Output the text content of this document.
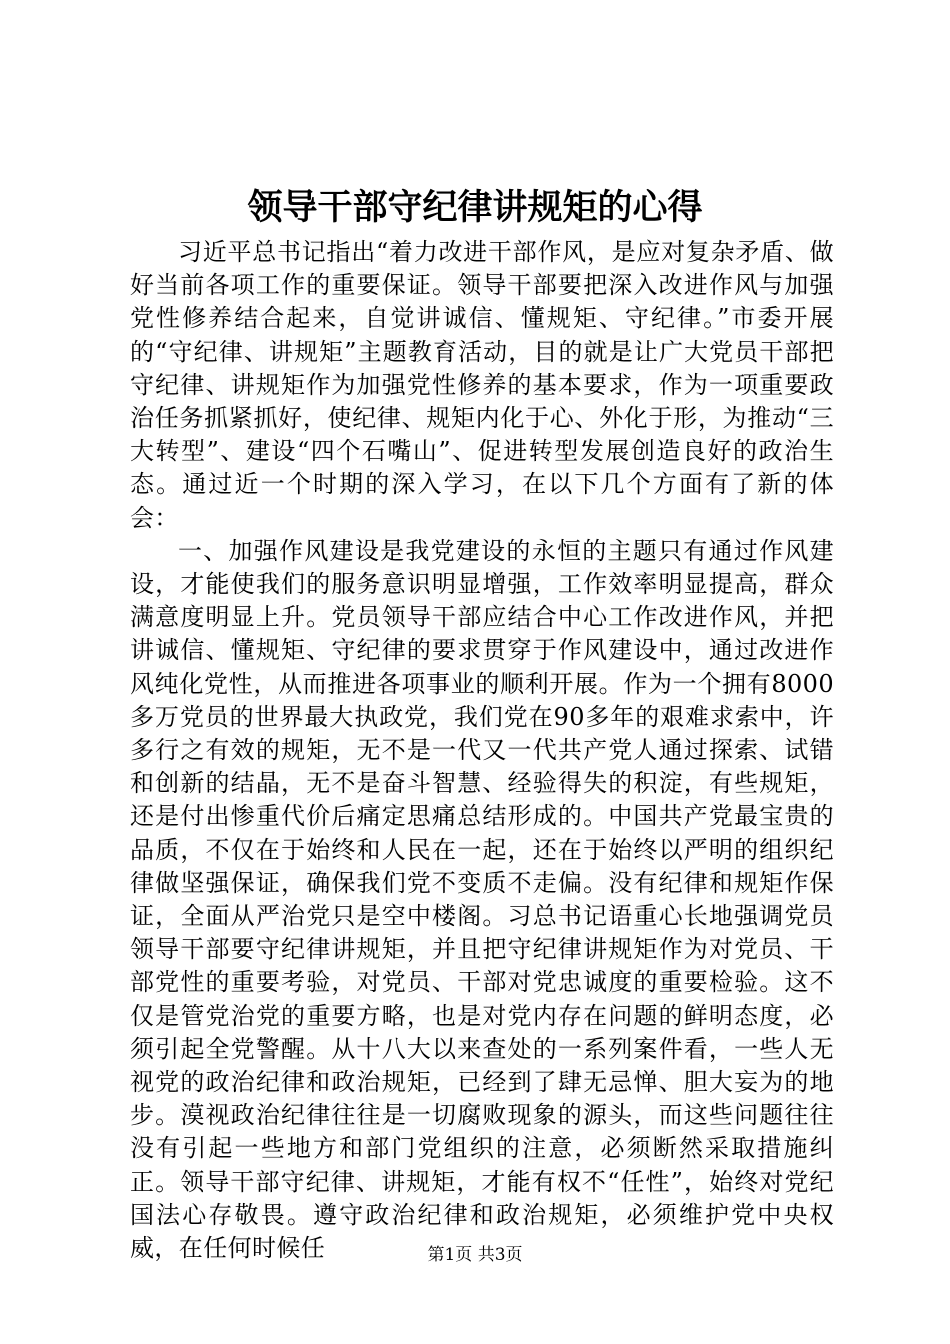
领导干部守纪律讲规矩的心得

习近平总书记指出“着力改进干部作风，是应对复杂矛盾、做好当前各项工作的重要保证。领导干部要把深入改进作风与加强党性修养结合起来，自觉讲诚信、懂规矩、守纪律。”市委开展的“守纪律、讲规矩”主题教育活动，目的就是让广大党员干部把守纪律、讲规矩作为加强党性修养的基本要求，作为一项重要政治任务抓紧抓好，使纪律、规矩内化于心、外化于形，为推动“三大转型”、建设“四个石嘴山”、促进转型发展创造良好的政治生态。通过近一个时期的深入学习，在以下几个方面有了新的体会：

一、加强作风建设是我党建设的永恒的主题只有通过作风建设，才能使我们的服务意识明显增强，工作效率明显提高，群众满意度明显上升。党员领导干部应结合中心工作改进作风，并把讲诚信、懂规矩、守纪律的要求贯穿于作风建设中，通过改进作风纯化党性，从而推进各项事业的顺利开展。作为一个拥有8000多万党员的世界最大执政党，我们党在90多年的艰难求索中，许多行之有效的规矩，无不是一代又一代共产党人通过探索、试错和创新的结晶，无不是奋斗智慧、经验得失的积淀，有些规矩，还是付出惨重代价后痛定思痛总结形成的。中国共产党最宝贵的品质，不仅在于始终和人民在一起，还在于始终以严明的组织纪律做坚强保证，确保我们党不变质不走偏。没有纪律和规矩作保证，全面从严治党只是空中楼阁。习总书记语重心长地强调党员领导干部要守纪律讲规矩，并且把守纪律讲规矩作为对党员、干部党性的重要考验，对党员、干部对党忠诚度的重要检验。这不仅是管党治党的重要方略，也是对党内存在问题的鲜明态度，必须引起全党警醒。从十八大以来查处的一系列案件看，一些人无视党的政治纪律和政治规矩，已经到了肆无忌惮、胆大妄为的地步。漠视政治纪律往往是一切腐败现象的源头，而这些问题往往没有引起一些地方和部门党组织的注意，必须断然采取措施纠正。领导干部守纪律、讲规矩，才能有权不“任性”，始终对党纪国法心存敬畏。遵守政治纪律和政治规矩，必须维护党中央权威，在任何时候任	第1页 共3页
